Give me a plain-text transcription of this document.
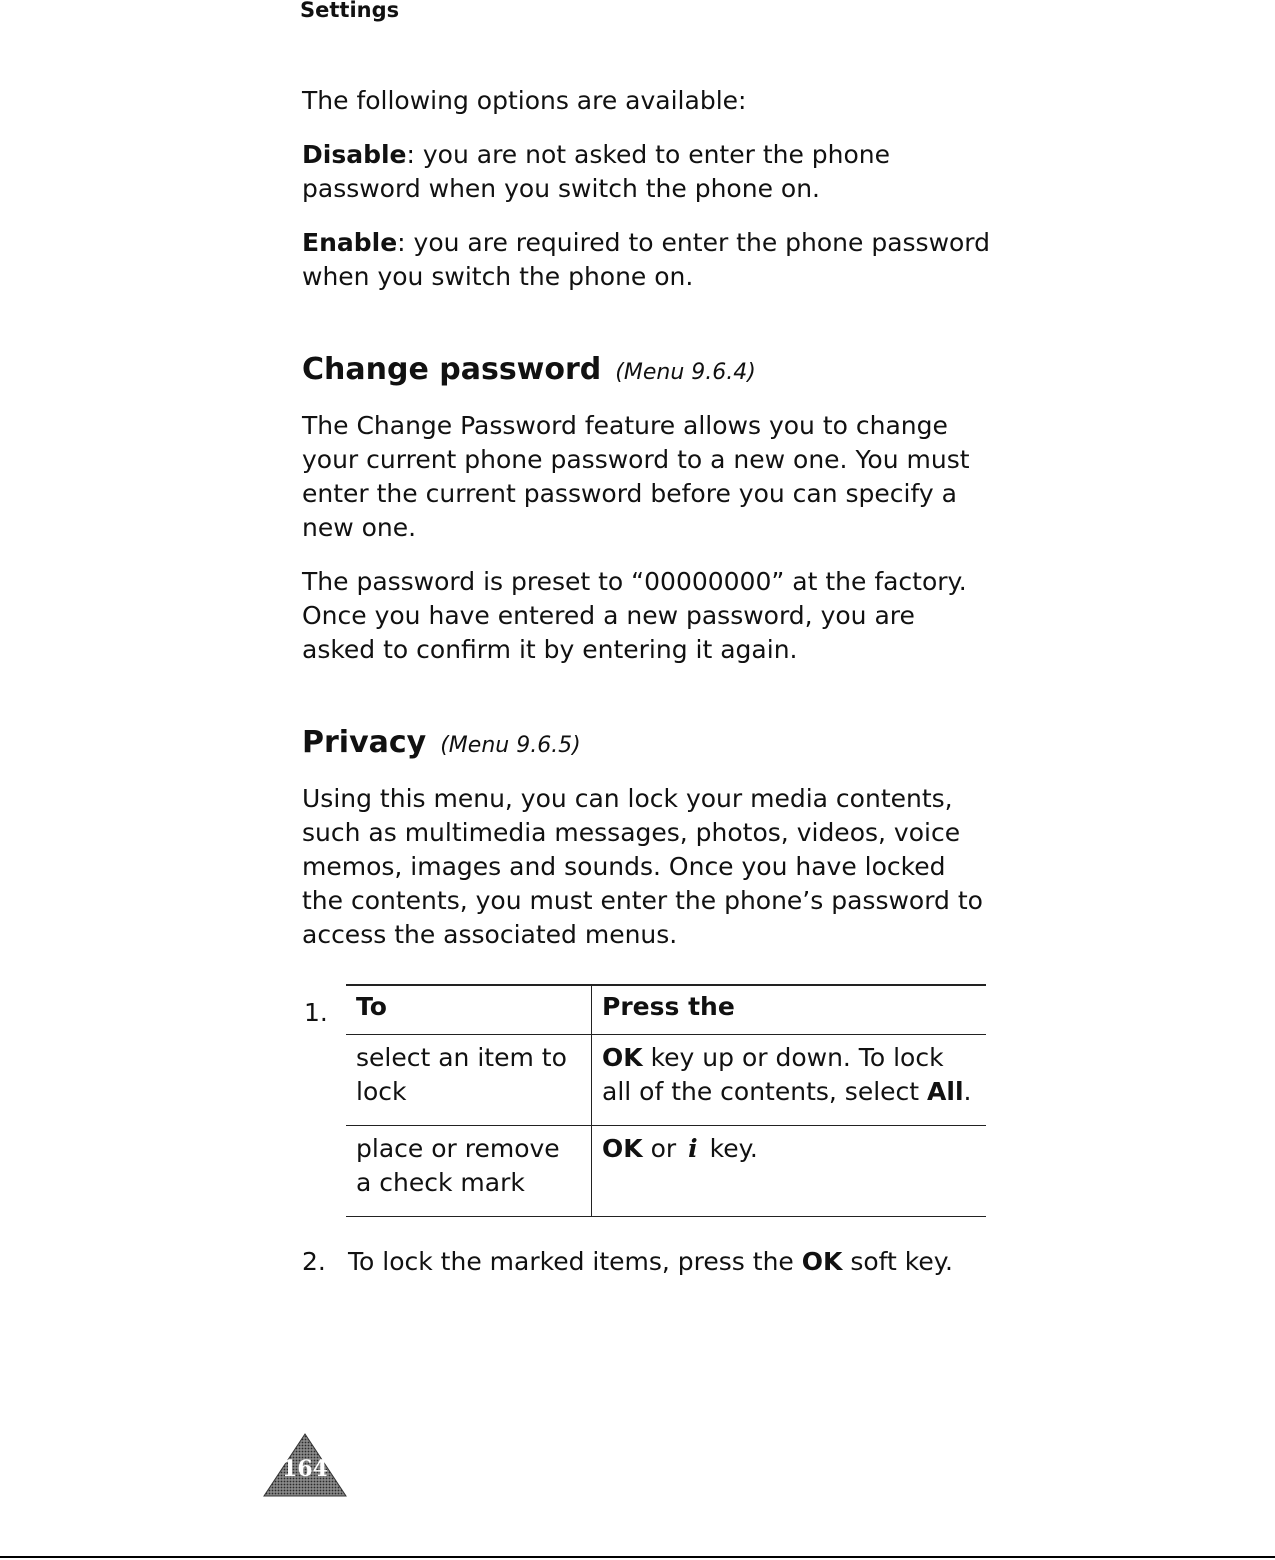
Settings

The following options are available:

Disable: you are not asked to enter the phone password when you switch the phone on.

Enable: you are required to enter the phone password when you switch the phone on.

Change password (Menu 9.6.4)

The Change Password feature allows you to change your current phone password to a new one. You must enter the current password before you can specify a new one.

The password is preset to “00000000” at the factory. Once you have entered a new password, you are asked to confirm it by entering it again.

Privacy (Menu 9.6.5)

Using this menu, you can lock your media contents, such as multimedia messages, photos, videos, voice memos, images and sounds. Once you have locked the contents, you must enter the phone’s password to access the associated menus.

1. To	Press the
select an item to lock	OK key up or down. To lock all of the contents, select All.
place or remove a check mark	OK or i key.
2. To lock the marked items, press the OK soft key.
164
